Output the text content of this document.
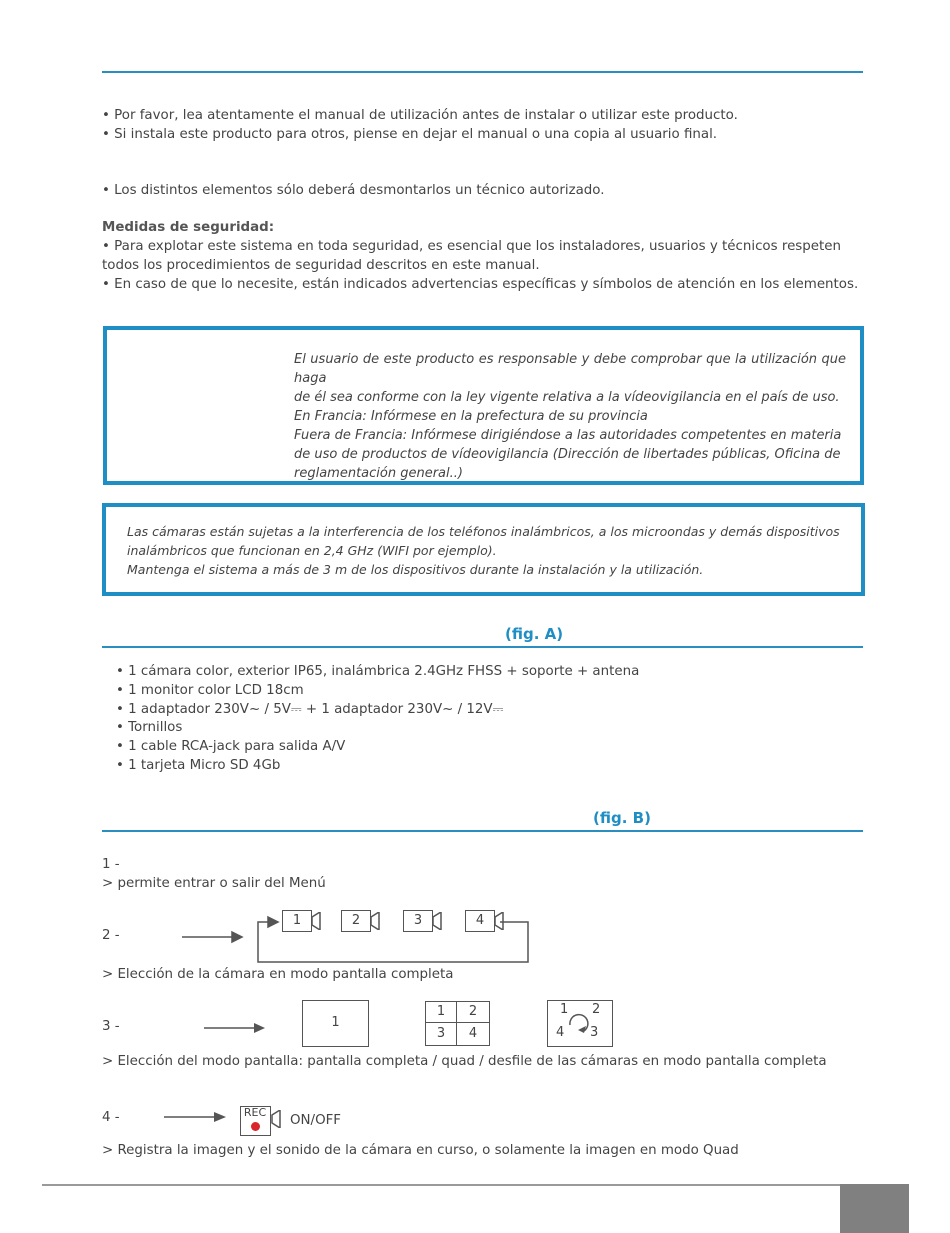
• Por favor, lea atentamente el manual de utilización antes de instalar o utilizar este producto.
• Si instala este producto para otros, piense en dejar el manual o una copia al usuario final.
• Los distintos elementos sólo deberá desmontarlos un técnico autorizado.
Medidas de seguridad:
• Para explotar este sistema en toda seguridad, es esencial que los instaladores, usuarios y técnicos respeten
todos los procedimientos de seguridad descritos en este manual.
• En caso de que lo necesite, están indicados advertencias específicas y símbolos de atención en los elementos.
El usuario de este producto es responsable y debe comprobar que la utilización que haga
de él sea conforme con la ley vigente relativa a la vídeovigilancia en el país de uso.
En Francia: Infórmese en la prefectura de su provincia
Fuera de Francia: Infórmese dirigiéndose a las autoridades competentes en materia
de uso de productos de vídeovigilancia (Dirección de libertades públicas, Oficina de
reglamentación general..)
Las cámaras están sujetas a la interferencia de los teléfonos inalámbricos, a los microondas y demás dispositivos
inalámbricos que funcionan en 2,4 GHz (WIFI por ejemplo).
Mantenga el sistema a más de 3 m de los dispositivos durante la instalación y la utilización.
(fig. A)
• 1 cámara color, exterior IP65, inalámbrica 2.4GHz FHSS + soporte + antena
• 1 monitor color LCD 18cm
• 1 adaptador 230V~ / 5V⎓ + 1 adaptador 230V~ / 12V⎓
• Tornillos
• 1 cable RCA-jack para salida A/V
• 1 tarjeta Micro SD 4Gb
(fig. B)
1 -
> permite entrar o salir del Menú
2 -
1	2	3	4
> Elección de la cámara en modo pantalla completa
3 -	1
1	2
3	4
1 2
4 3
> Elección del modo pantalla: pantalla completa / quad / desfile de las cámaras en modo pantalla completa
4 -	REC
ON/OFF
> Registra la imagen y el sonido de la cámara en curso, o solamente la imagen en modo Quad
